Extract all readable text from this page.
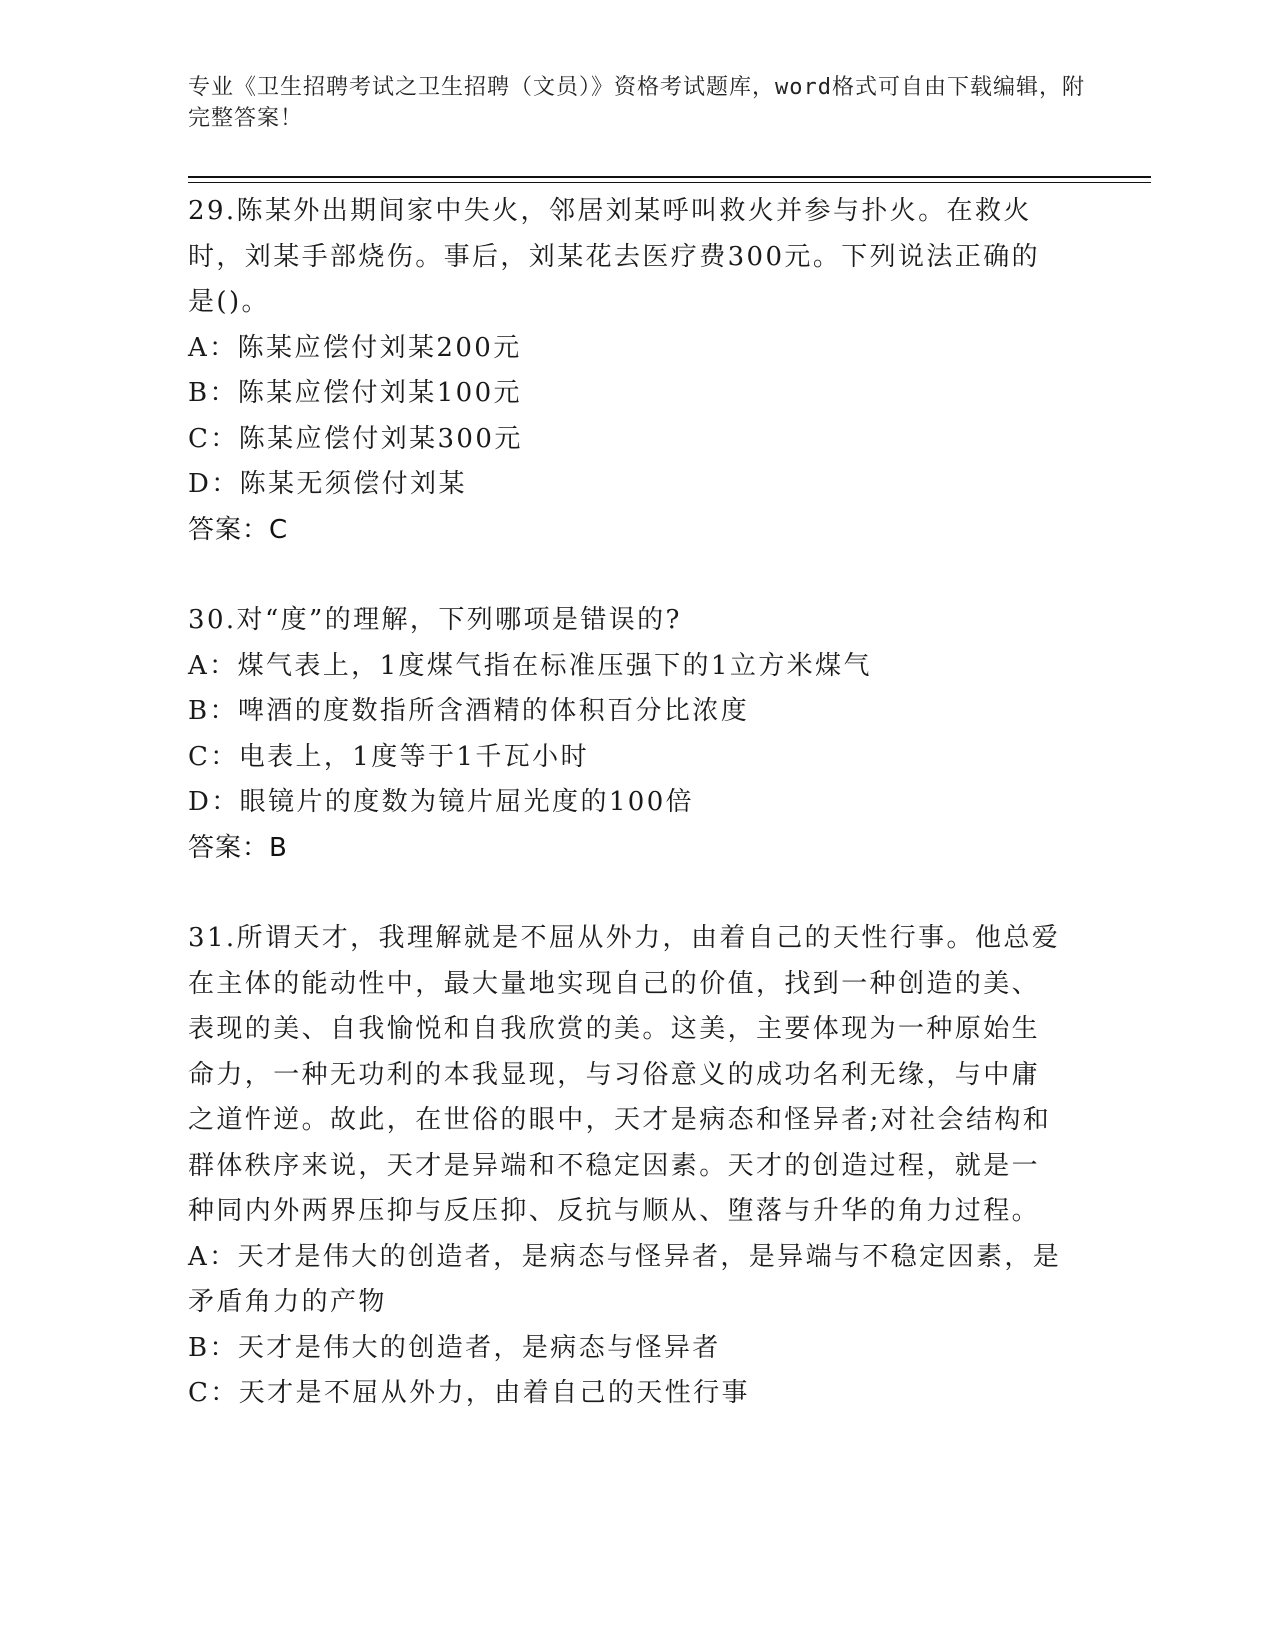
专业《卫生招聘考试之卫生招聘（文员）》资格考试题库，word格式可自由下载编辑，附完整答案！

29.陈某外出期间家中失火，邻居刘某呼叫救火并参与扑火。在救火时，刘某手部烧伤。事后，刘某花去医疗费300元。下列说法正确的是()。

A：陈某应偿付刘某200元

B：陈某应偿付刘某100元

C：陈某应偿付刘某300元

D：陈某无须偿付刘某

答案：C

30.对“度”的理解，下列哪项是错误的?

A：煤气表上，1度煤气指在标准压强下的1立方米煤气

B：啤酒的度数指所含酒精的体积百分比浓度

C：电表上，1度等于1千瓦小时

D：眼镜片的度数为镜片屈光度的100倍

答案：B

31.所谓天才，我理解就是不屈从外力，由着自己的天性行事。他总爱在主体的能动性中，最大量地实现自己的价值，找到一种创造的美、表现的美、自我愉悦和自我欣赏的美。这美，主要体现为一种原始生命力，一种无功利的本我显现，与习俗意义的成功名利无缘，与中庸之道忤逆。故此，在世俗的眼中，天才是病态和怪异者;对社会结构和群体秩序来说，天才是异端和不稳定因素。天才的创造过程，就是一种同内外两界压抑与反压抑、反抗与顺从、堕落与升华的角力过程。

A：天才是伟大的创造者，是病态与怪异者，是异端与不稳定因素，是矛盾角力的产物

B：天才是伟大的创造者，是病态与怪异者

C：天才是不屈从外力，由着自己的天性行事
